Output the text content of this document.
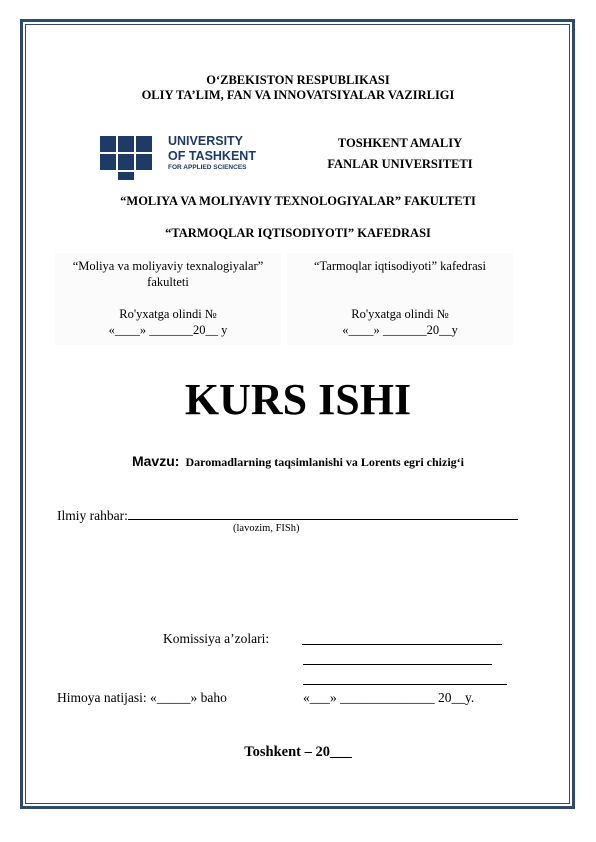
O‘ZBEKISTON RESPUBLIKASI
OLIY TA’LIM, FAN VA INNOVATSIYALAR VAZIRLIGI
UNIVERSITY
OF TASHKENT
FOR APPLIED SCIENCES
TOSHKENT AMALIY
FANLAR UNIVERSITETI
“MOLIYA VA MOLIYAVIY TEXNOLOGIYALAR” FAKULTETI
“TARMOQLAR IQTISODIYOTI” KAFEDRASI
“Moliya va moliyaviy texnalogiyalar” fakulteti
Ro'yxatga olindi №
«____» _______20__ y
“Tarmoqlar iqtisodiyoti” kafedrasi
Ro'yxatga olindi №
«____» _______20__y
KURS ISHI
Mavzu: Daromadlarning taqsimlanishi va Lorents egri chizig‘i
Ilmiy rahbar:
(lavozim, FISh)
Komissiya a’zolari:
Himoya natijasi: «_____» baho	«___» ______________ 20__y.
Toshkent – 20___
